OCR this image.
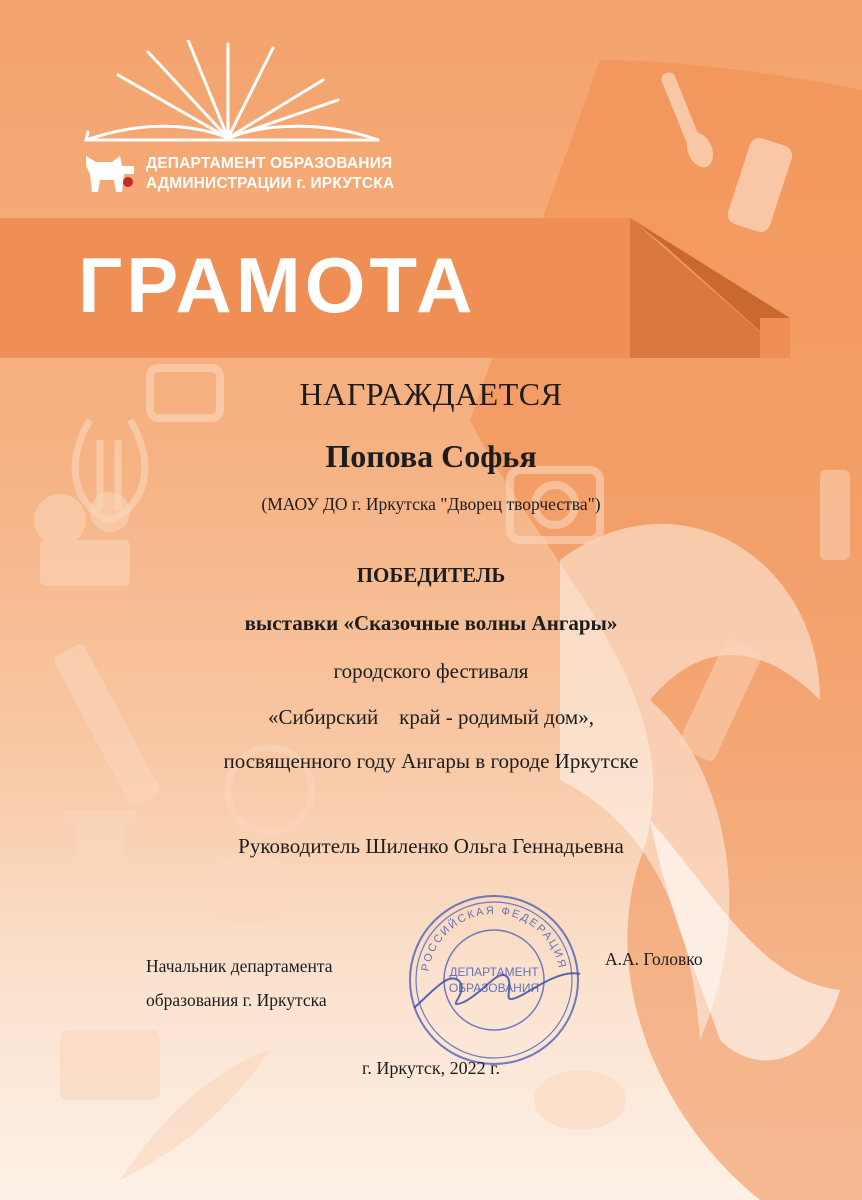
ДЕПАРТАМЕНТ ОБРАЗОВАНИЯ
АДМИНИСТРАЦИИ г. ИРКУТСКА
ГРАМОТА
НАГРАЖДАЕТСЯ
Попова Софья
(МАОУ ДО г. Иркутска "Дворец творчества")
ПОБЕДИТЕЛЬ
выставки «Сказочные волны Ангары»
городского фестиваля
«Сибирский    край - родимый дом»,
посвященного году Ангары в городе Иркутске
Руководитель Шиленко Ольга Геннадьевна
РОССИЙСКАЯ ФЕДЕРАЦИЯ
ДЕПАРТАМЕНТ
ОБРАЗОВАНИЯ
Начальник департамента
образования г. Иркутска
А.А. Головко
г. Иркутск, 2022 г.
